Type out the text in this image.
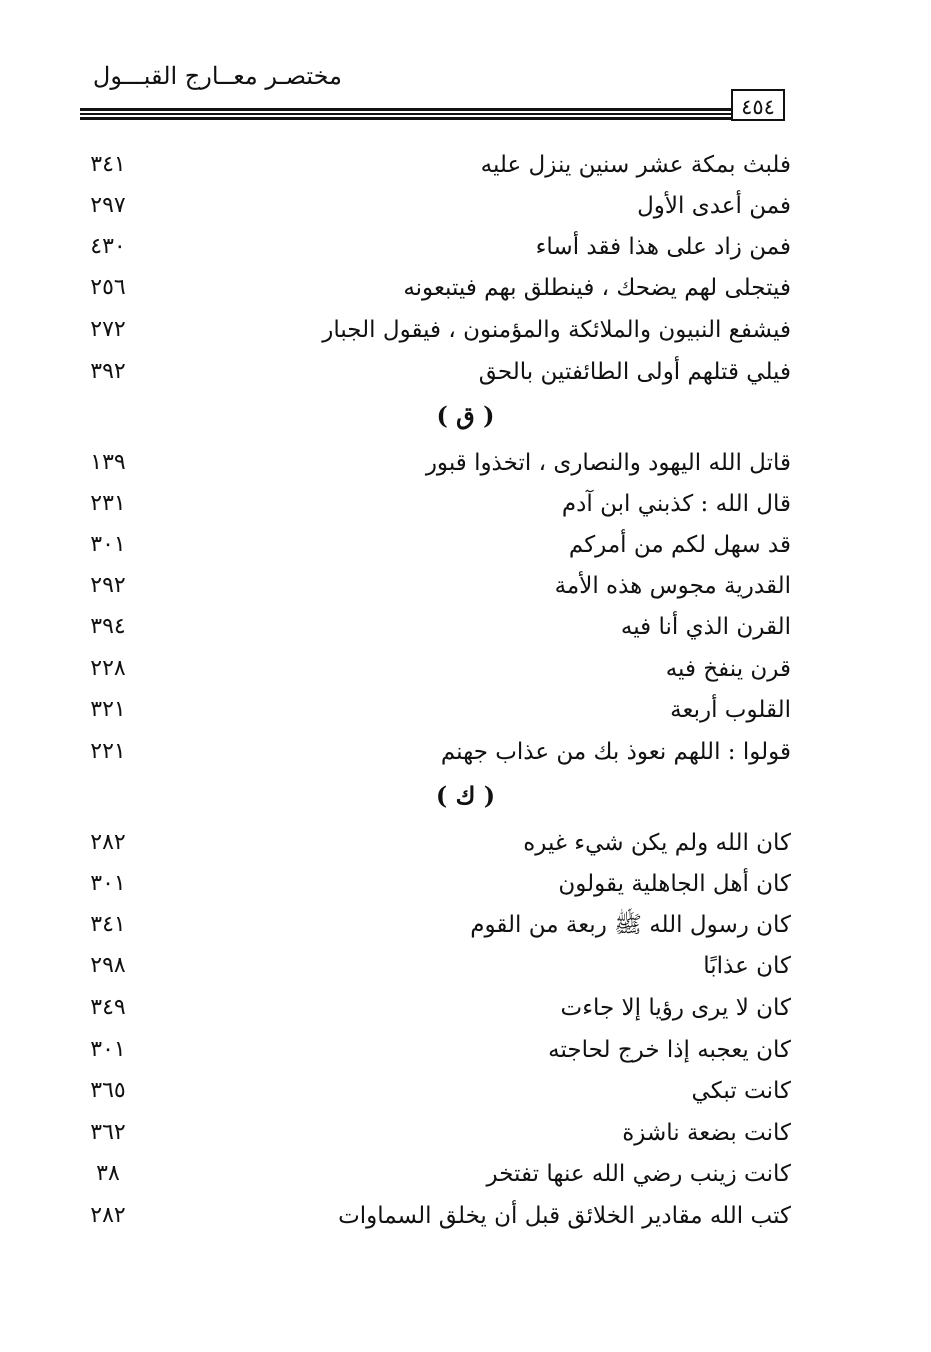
مختصـر معــارج القبـــول
٤٥٤
فلبث بمكة عشر سنين ينزل عليه
٣٤١
فمن أعدى الأول
٢٩٧
فمن زاد على هذا فقد أساء
٤٣٠
فيتجلى لهم يضحك ، فينطلق بهم فيتبعونه
٢٥٦
فيشفع النبيون والملائكة والمؤمنون ، فيقول الجبار
٢٧٢
فيلي قتلهم أولى الطائفتين بالحق
٣٩٢
( ق )
قاتل الله اليهود والنصارى ، اتخذوا قبور
١٣٩
قال الله : كذبني ابن آدم
٢٣١
قد سهل لكم من أمركم
٣٠١
القدرية مجوس هذه الأمة
٢٩٢
القرن الذي أنا فيه
٣٩٤
قرن ينفخ فيه
٢٢٨
القلوب أربعة
٣٢١
قولوا : اللهم نعوذ بك من عذاب جهنم
٢٢١
( ك )
كان الله ولم يكن شيء غيره
٢٨٢
كان أهل الجاهلية يقولون
٣٠١
كان رسول الله ﷺ ربعة من القوم
٣٤١
كان عذابًا
٢٩٨
كان لا يرى رؤيا إلا جاءت
٣٤٩
كان يعجبه إذا خرج لحاجته
٣٠١
كانت تبكي
٣٦٥
كانت بضعة ناشزة
٣٦٢
كانت زينب رضي الله عنها تفتخر
٣٨
كتب الله مقادير الخلائق قبل أن يخلق السماوات
٢٨٢
